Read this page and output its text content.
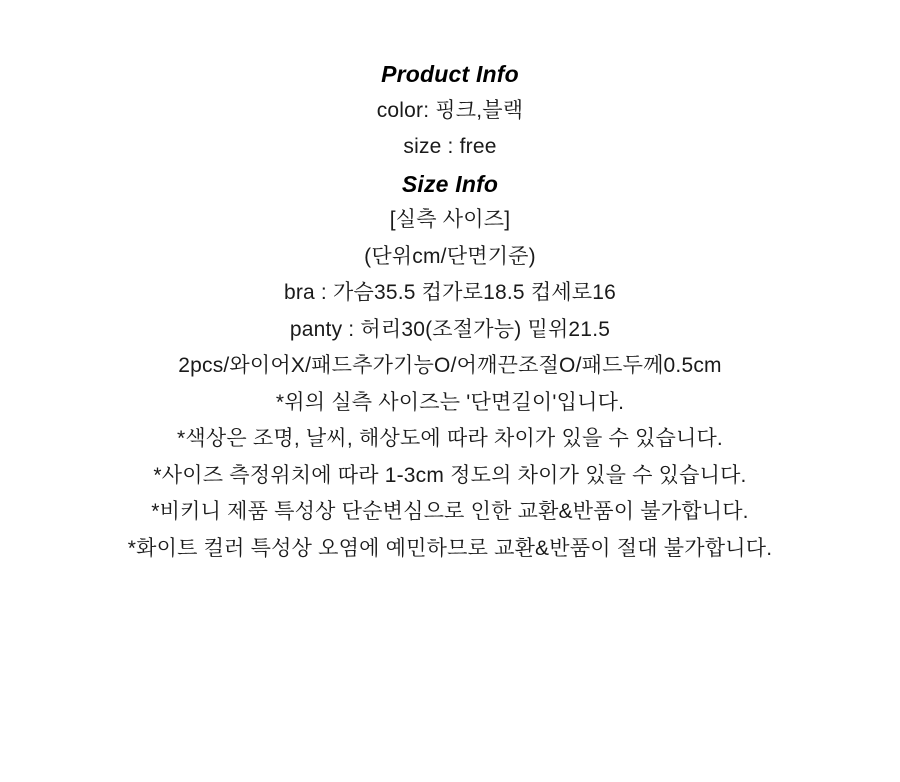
Product Info
color: 핑크,블랙
size : free
Size Info
[실측 사이즈]
(단위cm/단면기준)
bra : 가슴35.5 컵가로18.5 컵세로16
panty : 허리30(조절가능) 밑위21.5
2pcs/와이어X/패드추가기능O/어깨끈조절O/패드두께0.5cm
*위의 실측 사이즈는 '단면길이'입니다.
*색상은 조명, 날씨, 해상도에 따라 차이가 있을 수 있습니다.
*사이즈 측정위치에 따라 1-3cm 정도의 차이가 있을 수 있습니다.
*비키니 제품 특성상 단순변심으로 인한 교환&반품이 불가합니다.
*화이트 컬러 특성상 오염에 예민하므로 교환&반품이 절대 불가합니다.
